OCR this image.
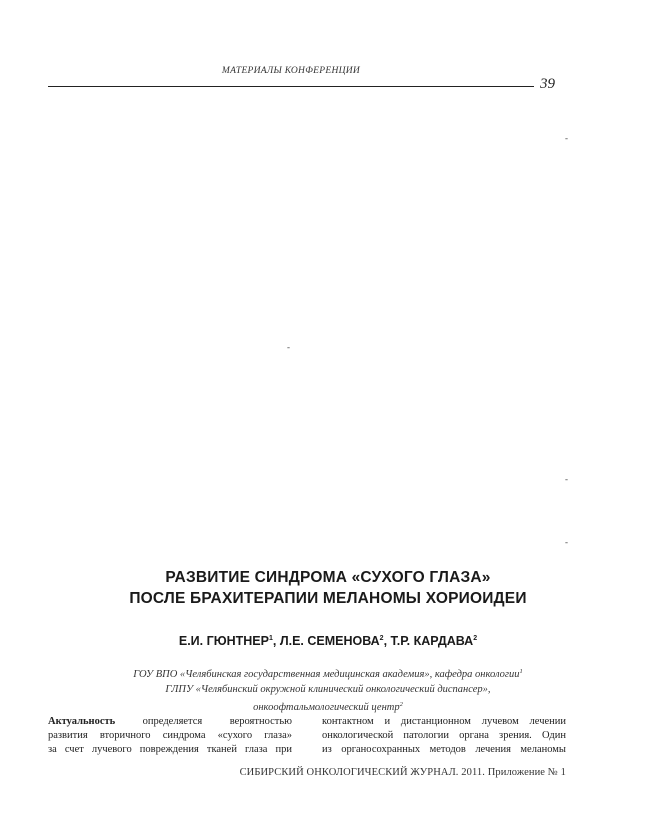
МАТЕРИАЛЫ КОНФЕРЕНЦИИ
39
-
-
-
-
РАЗВИТИЕ СИНДРОМА «СУХОГО ГЛАЗА»
ПОСЛЕ БРАХИТЕРАПИИ МЕЛАНОМЫ ХОРИОИДЕИ
Е.И. ГЮНТНЕР$^1$, Л.Е. СЕМЕНОВА$^2$, Т.Р. КАРДАВА$^2$
ГОУ ВПО «Челябинская государственная медицинская академия», кафедра онкологии$^1$
ГЛПУ «Челябинский окружной клинический онкологический диспансер»,
онкоофтальмологический центр$^2$
Актуальность определяется вероятностью
развития вторичного синдрома «сухого глаза»
за счет лучевого повреждения тканей глаза при
контактном и дистанционном лучевом лечении
онкологической патологии органа зрения. Один
из органосохранных методов лечения меланомы
СИБИРСКИЙ ОНКОЛОГИЧЕСКИЙ ЖУРНАЛ. 2011. Приложение № 1
